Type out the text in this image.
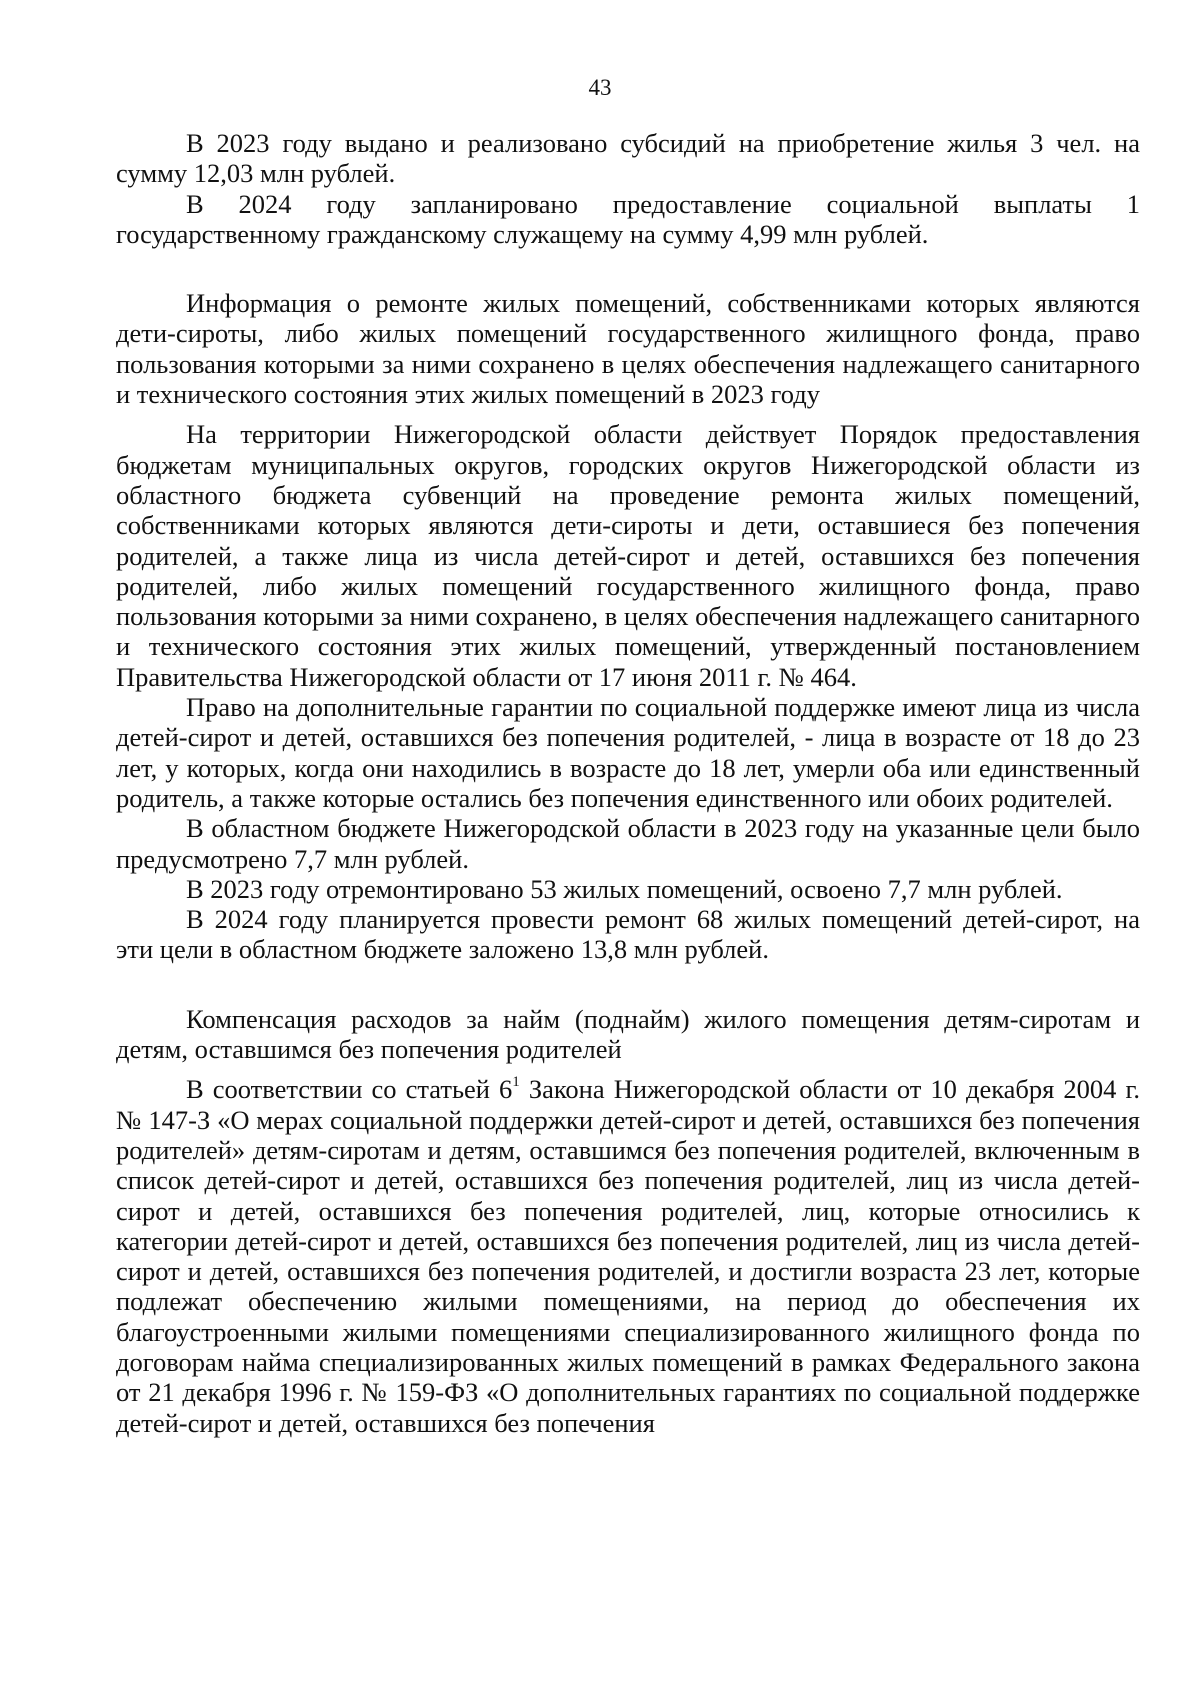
43

В 2023 году выдано и реализовано субсидий на приобретение жилья 3 чел. на сумму 12,03 млн рублей.

В 2024 году запланировано предоставление социальной выплаты 1 государственному гражданскому служащему на сумму 4,99 млн рублей.

Информация о ремонте жилых помещений, собственниками которых являются дети-сироты, либо жилых помещений государственного жилищного фонда, право пользования которыми за ними сохранено в целях обеспечения надлежащего санитарного и технического состояния этих жилых помещений в 2023 году

На территории Нижегородской области действует Порядок предоставления бюджетам муниципальных округов, городских округов Нижегородской области из областного бюджета субвенций на проведение ремонта жилых помещений, собственниками которых являются дети-сироты и дети, оставшиеся без попечения родителей, а также лица из числа детей-сирот и детей, оставшихся без попечения родителей, либо жилых помещений государственного жилищного фонда, право пользования которыми за ними сохранено, в целях обеспечения надлежащего санитарного и технического состояния этих жилых помещений, утвержденный постановлением Правительства Нижегородской области от 17 июня 2011 г. № 464.

Право на дополнительные гарантии по социальной поддержке имеют лица из числа детей-сирот и детей, оставшихся без попечения родителей, - лица в возрасте от 18 до 23 лет, у которых, когда они находились в возрасте до 18 лет, умерли оба или единственный родитель, а также которые остались без попечения единственного или обоих родителей.

В областном бюджете Нижегородской области в 2023 году на указанные цели было предусмотрено 7,7 млн рублей.

В 2023 году отремонтировано 53 жилых помещений, освоено 7,7 млн рублей.

В 2024 году планируется провести ремонт 68 жилых помещений детей-сирот, на эти цели в областном бюджете заложено 13,8 млн рублей.

Компенсация расходов за найм (поднайм) жилого помещения детям-сиротам и детям, оставшимся без попечения родителей

В соответствии со статьей $6^1$ Закона Нижегородской области от 10 декабря 2004 г. № 147-З «О мерах социальной поддержки детей-сирот и детей, оставшихся без попечения родителей» детям-сиротам и детям, оставшимся без попечения родителей, включенным в список детей-сирот и детей, оставшихся без попечения родителей, лиц из числа детей-сирот и детей, оставшихся без попечения родителей, лиц, которые относились к категории детей-сирот и детей, оставшихся без попечения родителей, лиц из числа детей-сирот и детей, оставшихся без попечения родителей, и достигли возраста 23 лет, которые подлежат обеспечению жилыми помещениями, на период до обеспечения их благоустроенными жилыми помещениями специализированного жилищного фонда по договорам найма специализированных жилых помещений в рамках Федерального закона от 21 декабря 1996 г. № 159-ФЗ «О дополнительных гарантиях по социальной поддержке детей-сирот и детей, оставшихся без попечения
